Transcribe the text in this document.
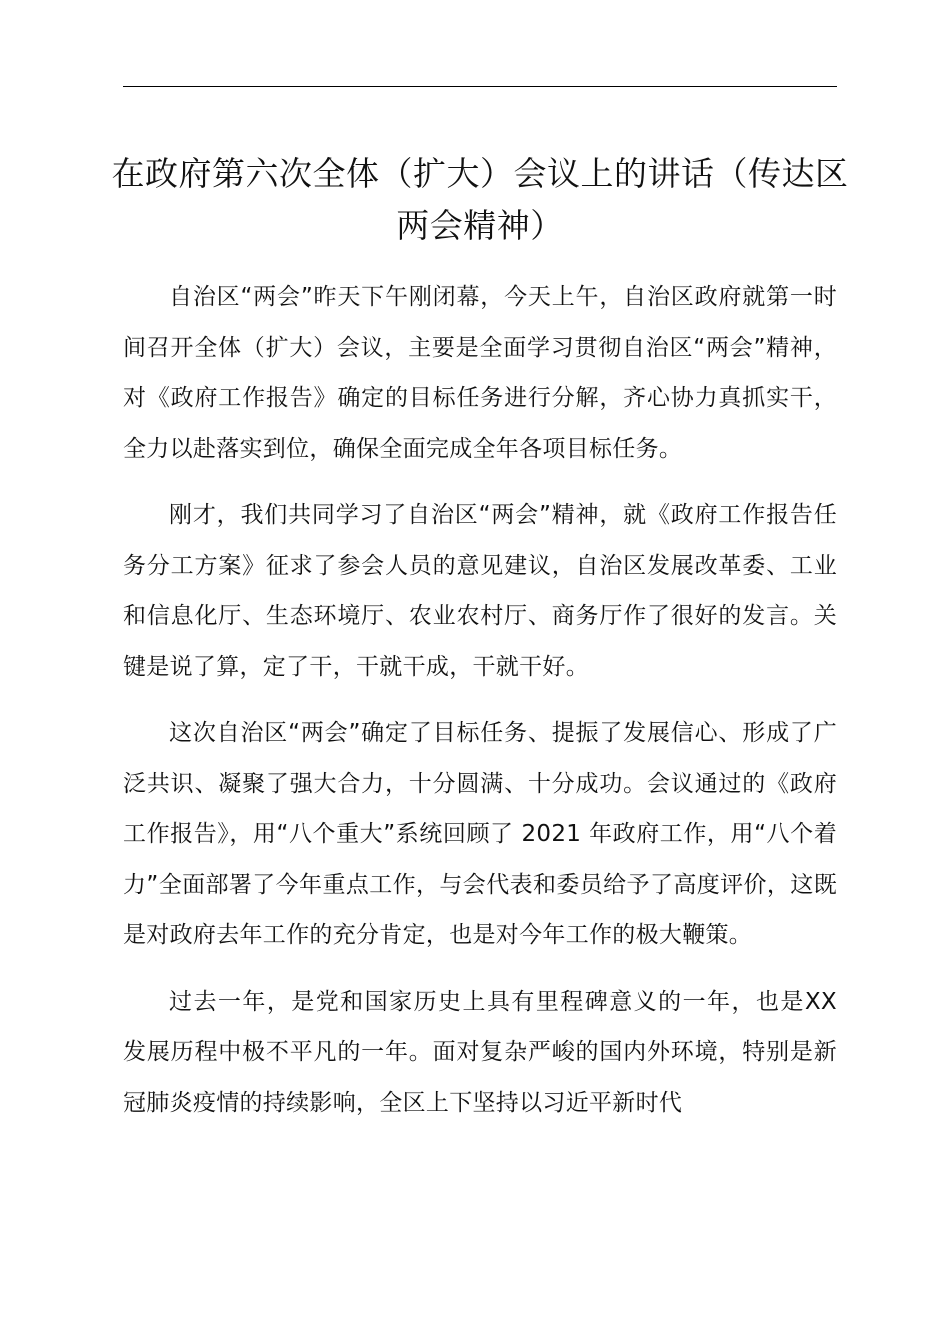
在政府第六次全体（扩大）会议上的讲话（传达区两会精神）

自治区“两会”昨天下午刚闭幕，今天上午，自治区政府就第一时间召开全体（扩大）会议，主要是全面学习贯彻自治区“两会”精神，对《政府工作报告》确定的目标任务进行分解，齐心协力真抓实干，全力以赴落实到位，确保全面完成全年各项目标任务。

刚才，我们共同学习了自治区“两会”精神，就《政府工作报告任务分工方案》征求了参会人员的意见建议，自治区发展改革委、工业和信息化厅、生态环境厅、农业农村厅、商务厅作了很好的发言。关键是说了算，定了干，干就干成，干就干好。

这次自治区“两会”确定了目标任务、提振了发展信心、形成了广泛共识、凝聚了强大合力，十分圆满、十分成功。会议通过的《政府工作报告》，用“八个重大”系统回顾了 2021 年政府工作，用“八个着力”全面部署了今年重点工作，与会代表和委员给予了高度评价，这既是对政府去年工作的充分肯定，也是对今年工作的极大鞭策。

过去一年，是党和国家历史上具有里程碑意义的一年，也是XX 发展历程中极不平凡的一年。面对复杂严峻的国内外环境，特别是新冠肺炎疫情的持续影响，全区上下坚持以习近平新时代
